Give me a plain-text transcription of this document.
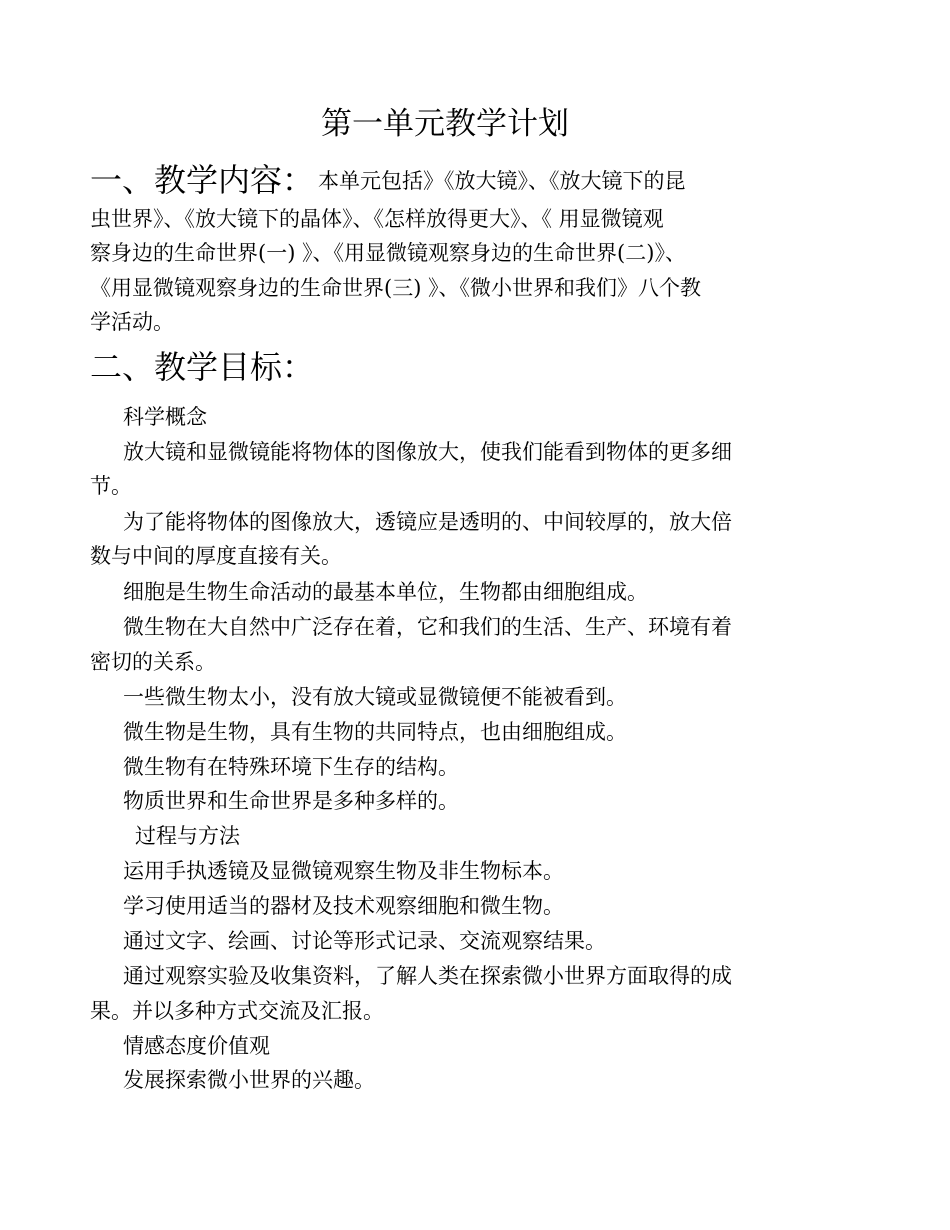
第一单元教学计划
一、教学内容： 本单元包括》《放大镜》、《放大镜下的昆
虫世界》、《放大镜下的晶体》、《怎样放得更大》、《 用显微镜观
察身边的生命世界(一) 》、《用显微镜观察身边的生命世界(二)》、
《用显微镜观察身边的生命世界(三) 》、《微小世界和我们》八个教
学活动。
二、教学目标：
科学概念
放大镜和显微镜能将物体的图像放大，使我们能看到物体的更多细
节。
为了能将物体的图像放大，透镜应是透明的、中间较厚的，放大倍
数与中间的厚度直接有关。
细胞是生物生命活动的最基本单位，生物都由细胞组成。
微生物在大自然中广泛存在着，它和我们的生活、生产、环境有着
密切的关系。
一些微生物太小，没有放大镜或显微镜便不能被看到。
微生物是生物，具有生物的共同特点，也由细胞组成。
微生物有在特殊环境下生存的结构。
物质世界和生命世界是多种多样的。
过程与方法
运用手执透镜及显微镜观察生物及非生物标本。
学习使用适当的器材及技术观察细胞和微生物。
通过文字、绘画、讨论等形式记录、交流观察结果。
通过观察实验及收集资料，了解人类在探索微小世界方面取得的成
果。并以多种方式交流及汇报。
情感态度价值观
发展探索微小世界的兴趣。
